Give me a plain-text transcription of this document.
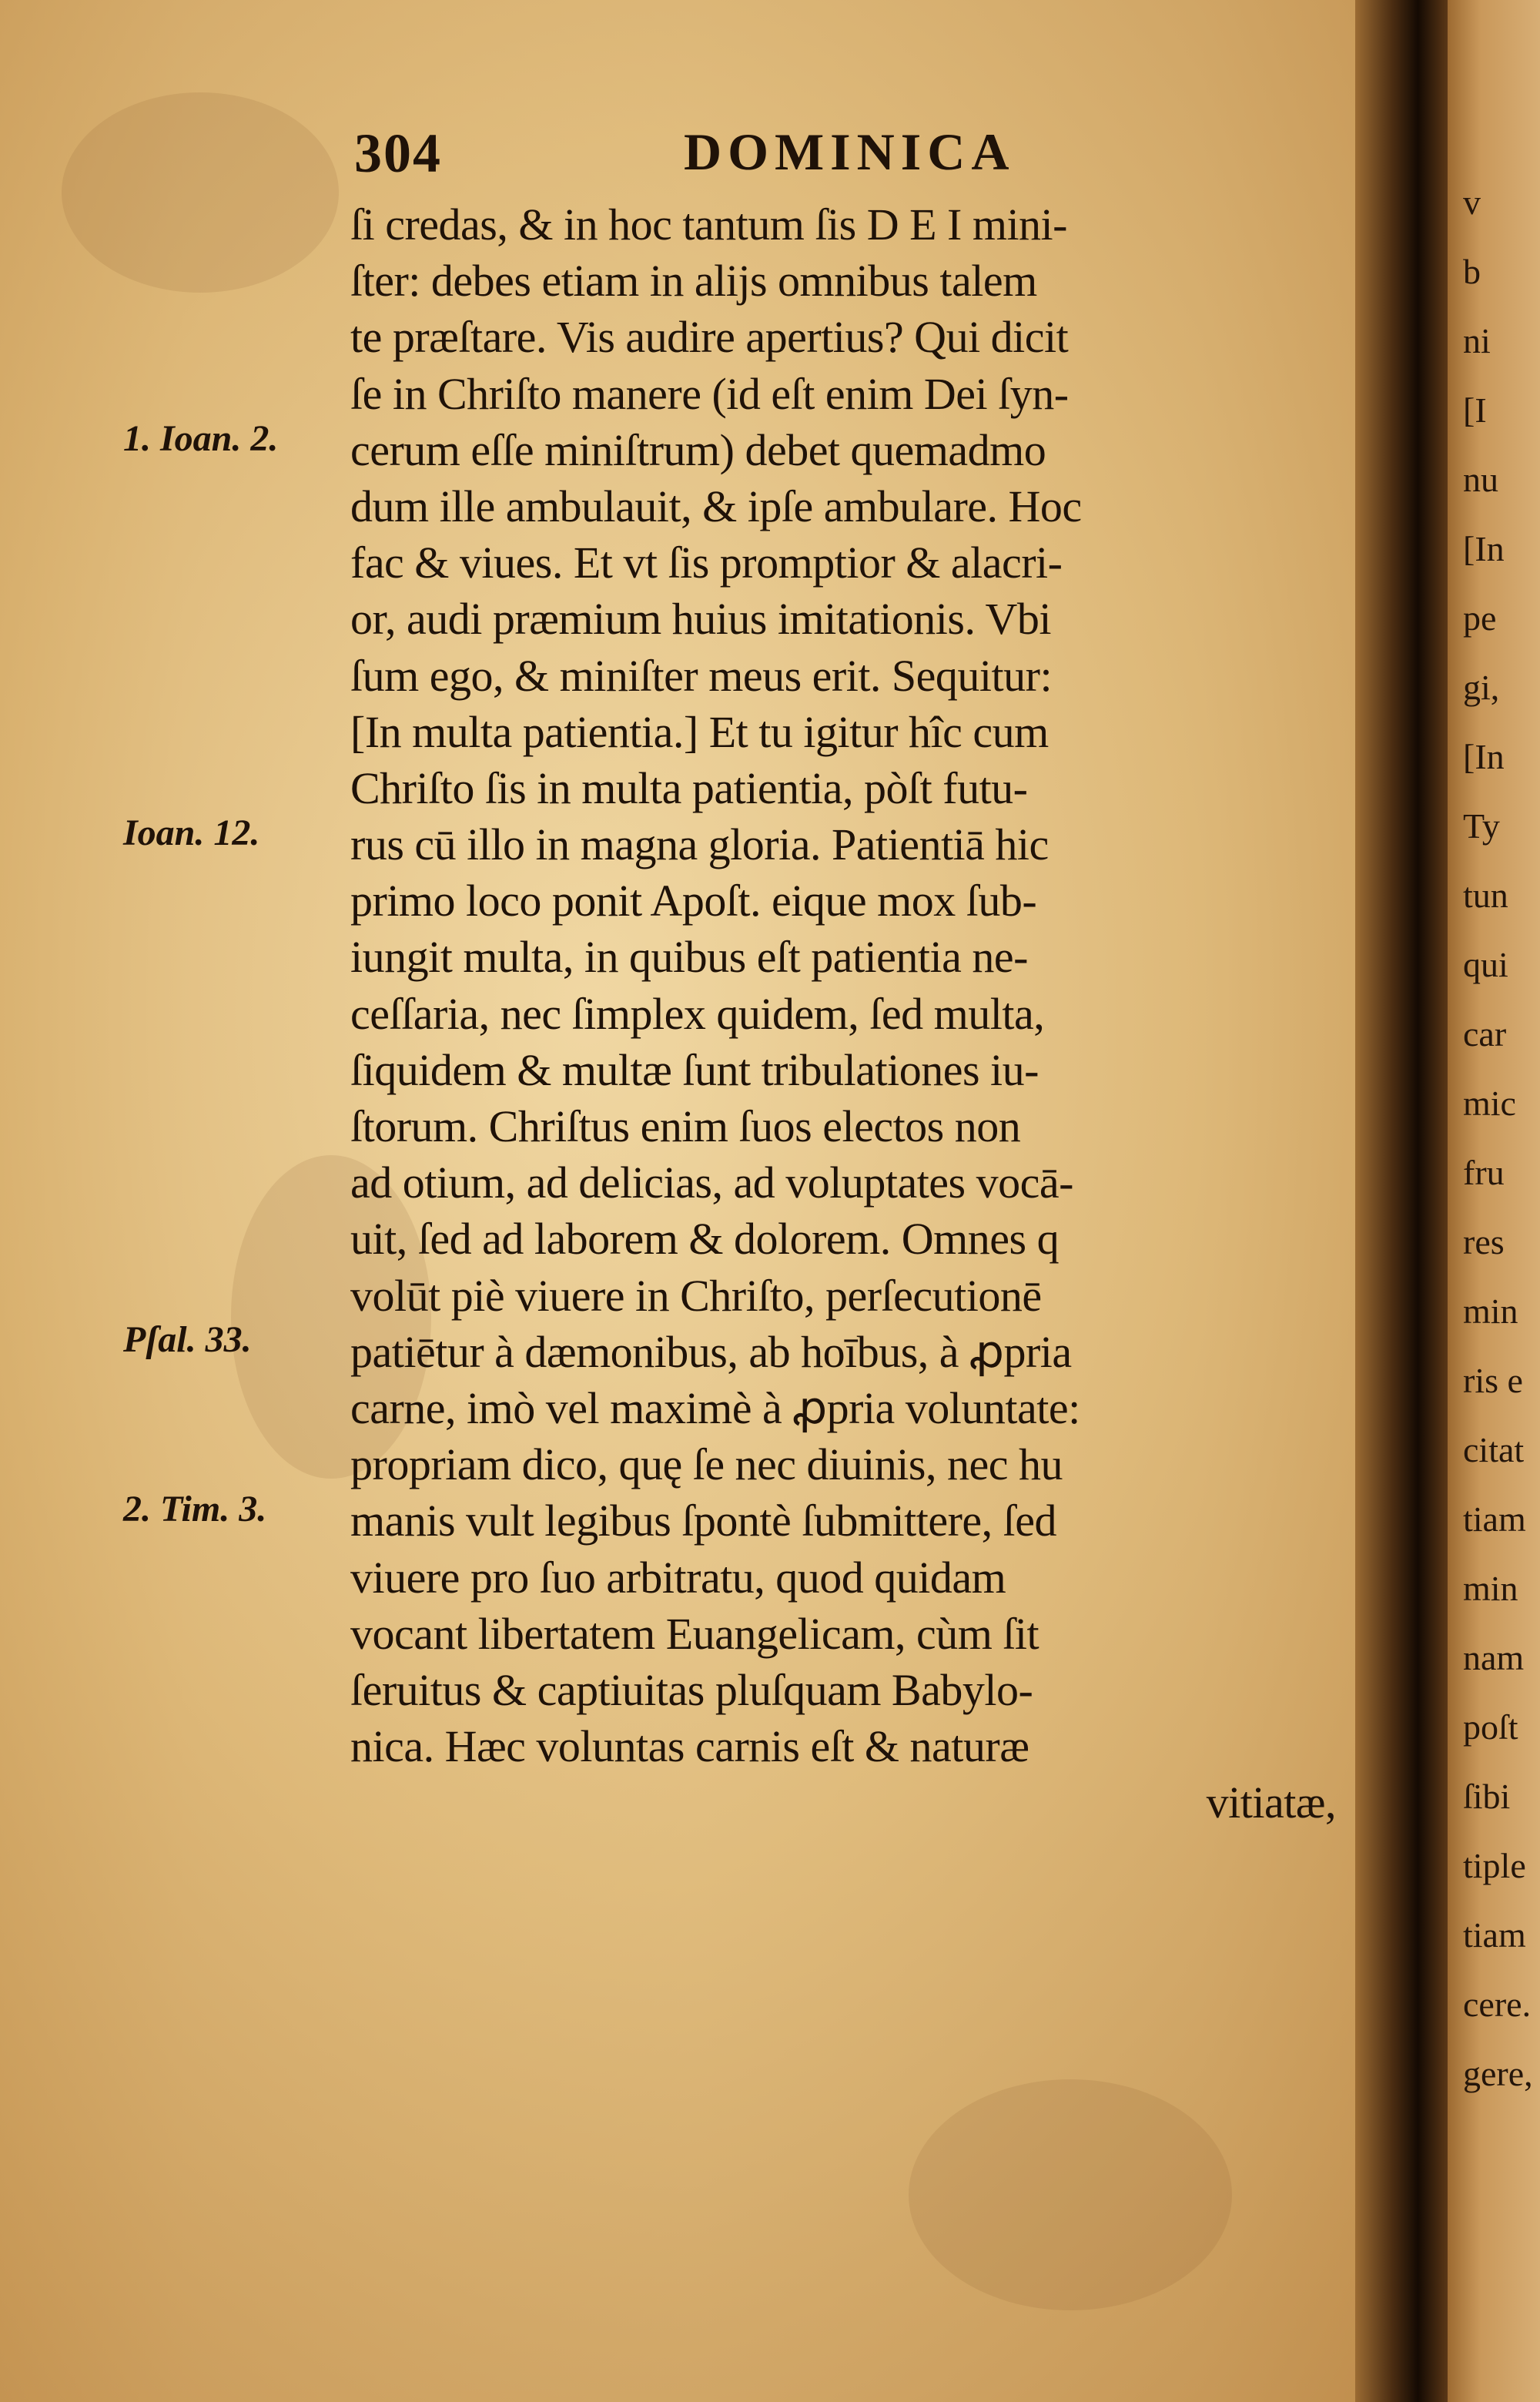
v
b
ni
[I
nu
[In
pe
gi,
[In
Ty
tun
qui
car
mic
fru
res
min
ris e
citat
tiam
min
nam
poſt
ſibi
tiple
tiam
cere.
gere,
304	DOMINICA
1. Ioan. 2.
Ioan. 12.
Pſal. 33.
2. Tim. 3.
ſi credas, & in hoc tantum ſis D E I mini-
ſter: debes etiam in alijs omnibus talem
te præſtare. Vis audire apertius? Qui dicit
ſe in Chriſto manere (id eſt enim Dei ſyn-
cerum eſſe miniſtrum) debet quemadmo
dum ille ambulauit, & ipſe ambulare. Hoc
fac & viues. Et vt ſis promptior & alacri-
or, audi præmium huius imitationis. Vbi
ſum ego, & miniſter meus erit. Sequitur:
[In multa patientia.] Et tu igitur hîc cum
Chriſto ſis in multa patientia, pòſt futu-
rus cū illo in magna gloria. Patientiā hic
primo loco ponit Apoſt. eique mox ſub-
iungit multa, in quibus eſt patientia ne-
ceſſaria, nec ſimplex quidem, ſed multa,
ſiquidem & multæ ſunt tribulationes iu-
ſtorum. Chriſtus enim ſuos electos non
ad otium, ad delicias, ad voluptates vocā-
uit, ſed ad laborem & dolorem. Omnes q
volūt piè viuere in Chriſto, perſecutionē
patiētur à dæmonibus, ab hoībus, à ꝓpria
carne, imò vel maximè à ꝓpria voluntate:
propriam dico, quę ſe nec diuinis, nec hu
manis vult legibus ſpontè ſubmittere, ſed
viuere pro ſuo arbitratu, quod quidam
vocant libertatem Euangelicam, cùm ſit
ſeruitus & captiuitas pluſquam Babylo-
nica. Hæc voluntas carnis eſt & naturæ
vitiatæ,
